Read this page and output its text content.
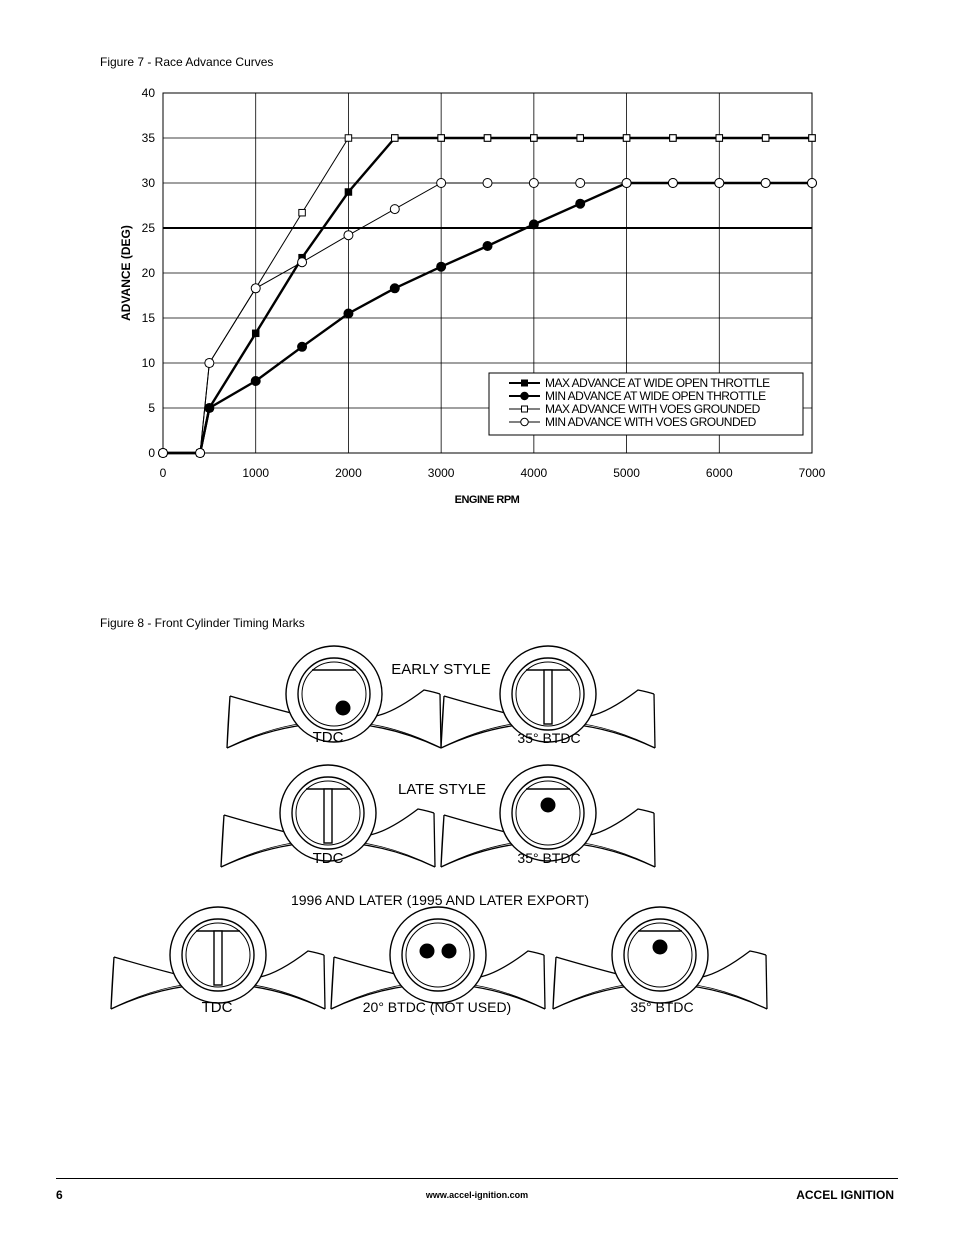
Figure 7 - Race Advance Curves
0	1000	2000	3000	4000	5000	6000	7000
0
5
10
15
20
25
30
35
40
ADVANCE (DEG)
ENGINE RPM
MAX ADVANCE AT WIDE OPEN THROTTLE
MIN ADVANCE AT WIDE OPEN THROTTLE
MAX ADVANCE WITH VOES GROUNDED
MIN ADVANCE WITH VOES GROUNDED
Figure 8 - Front Cylinder Timing Marks
EARLY STYLE
LATE STYLE
1996 AND LATER (1995 AND LATER EXPORT)
TDC	35° BTDC
TDC	35° BTDC
TDC	20° BTDC (NOT USED)	35° BTDC
6	www.accel-ignition.com	ACCEL IGNITION
